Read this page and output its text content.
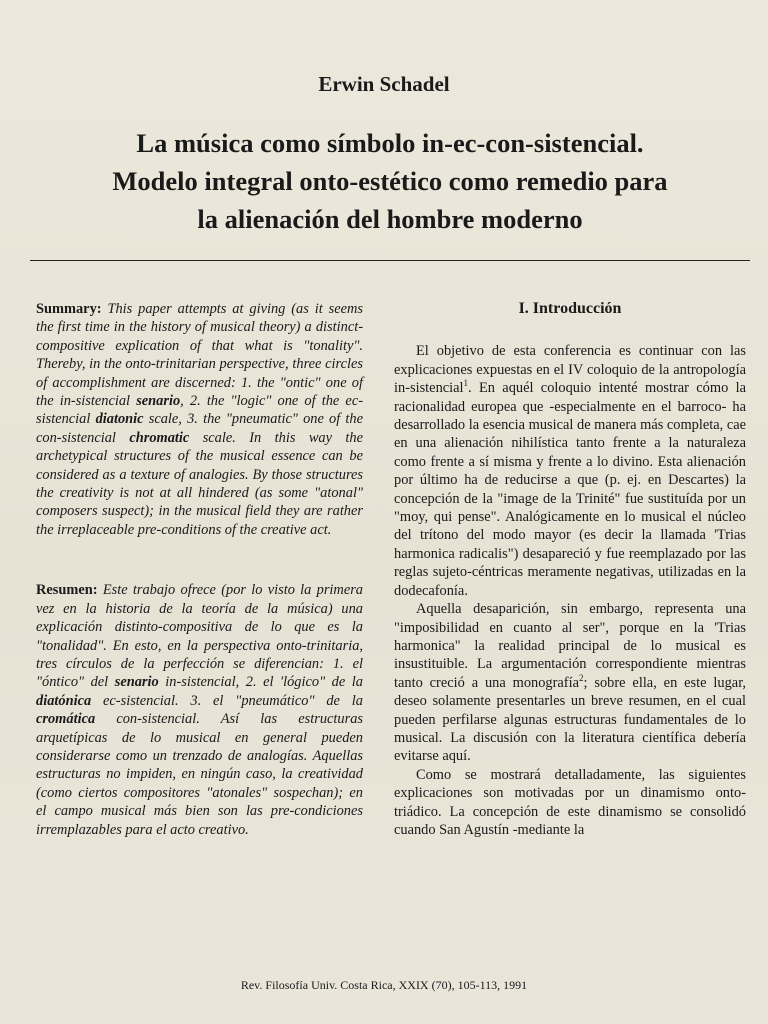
Erwin Schadel
La música como símbolo in-ec-con-sistencial.
Modelo integral onto-estético como remedio para
la alienación del hombre moderno

Summary: This paper attempts at giving (as it seems the first time in the history of musical theory) a distinct-compositive explication of that what is "tonality". Thereby, in the onto-trinitarian perspective, three circles of accomplishment are discerned: 1. the "ontic" one of the in-sistencial senario, 2. the "logic" one of the ec-sistencial diatonic scale, 3. the "pneumatic" one of the con-sistencial chromatic scale. In this way the archetypical structures of the musical essence can be considered as a texture of analogies. By those structures the creativity is not at all hindered (as some "atonal" composers suspect); in the musical field they are rather the irreplaceable pre-conditions of the creative act.

Resumen: Este trabajo ofrece (por lo visto la primera vez en la historia de la teoría de la música) una explicación distinto-compositiva de lo que es la "tonalidad". En esto, en la perspectiva onto-trinitaria, tres círculos de la perfección se diferencian: 1. el "óntico" del senario in-sistencial, 2. el 'lógico" de la diatónica ec-sistencial. 3. el "pneumático" de la cromática con-sistencial. Así las estructuras arquetípicas de lo musical en general pueden considerarse como un trenzado de analogías. Aquellas estructuras no impiden, en ningún caso, la creatividad (como ciertos compositores "atonales" sospechan); en el campo musical más bien son las pre-condiciones irremplazables para el acto creativo.

I. Introducción

El objetivo de esta conferencia es continuar con las explicaciones expuestas en el IV coloquio de la antropología in-sistencial$^1$. En aquél coloquio intenté mostrar cómo la racionalidad europea que -especialmente en el barroco- ha desarrollado la esencia musical de manera más completa, cae en una alienación nihilística tanto frente a la naturaleza como frente a sí misma y frente a lo divino. Esta alienación por último ha de reducirse a que (p. ej. en Descartes) la concepción de la "image de la Trinité" fue sustituída por un "moy, qui pense". Analógicamente en lo musical el núcleo del trítono del modo mayor (es decir la llamada 'Trias harmonica radicalis") desapareció y fue reemplazado por las reglas sujeto-céntricas meramente negativas, utilizadas en la dodecafonía.

Aquella desaparición, sin embargo, representa una "imposibilidad en cuanto al ser", porque en la 'Trias harmonica" la realidad principal de lo musical es insustituible. La argumentación correspondiente mientras tanto creció a una monografía$^2$; sobre ella, en este lugar, deseo solamente presentarles un breve resumen, en el cual pueden perfilarse algunas estructuras fundamentales de lo musical. La discusión con la literatura científica debería evitarse aquí.

Como se mostrará detalladamente, las siguientes explicaciones son motivadas por un dinamismo onto-triádico. La concepción de este dinamismo se consolidó cuando San Agustín -mediante la

Rev. Filosofía Univ. Costa Rica, XXIX (70), 105-113, 1991
